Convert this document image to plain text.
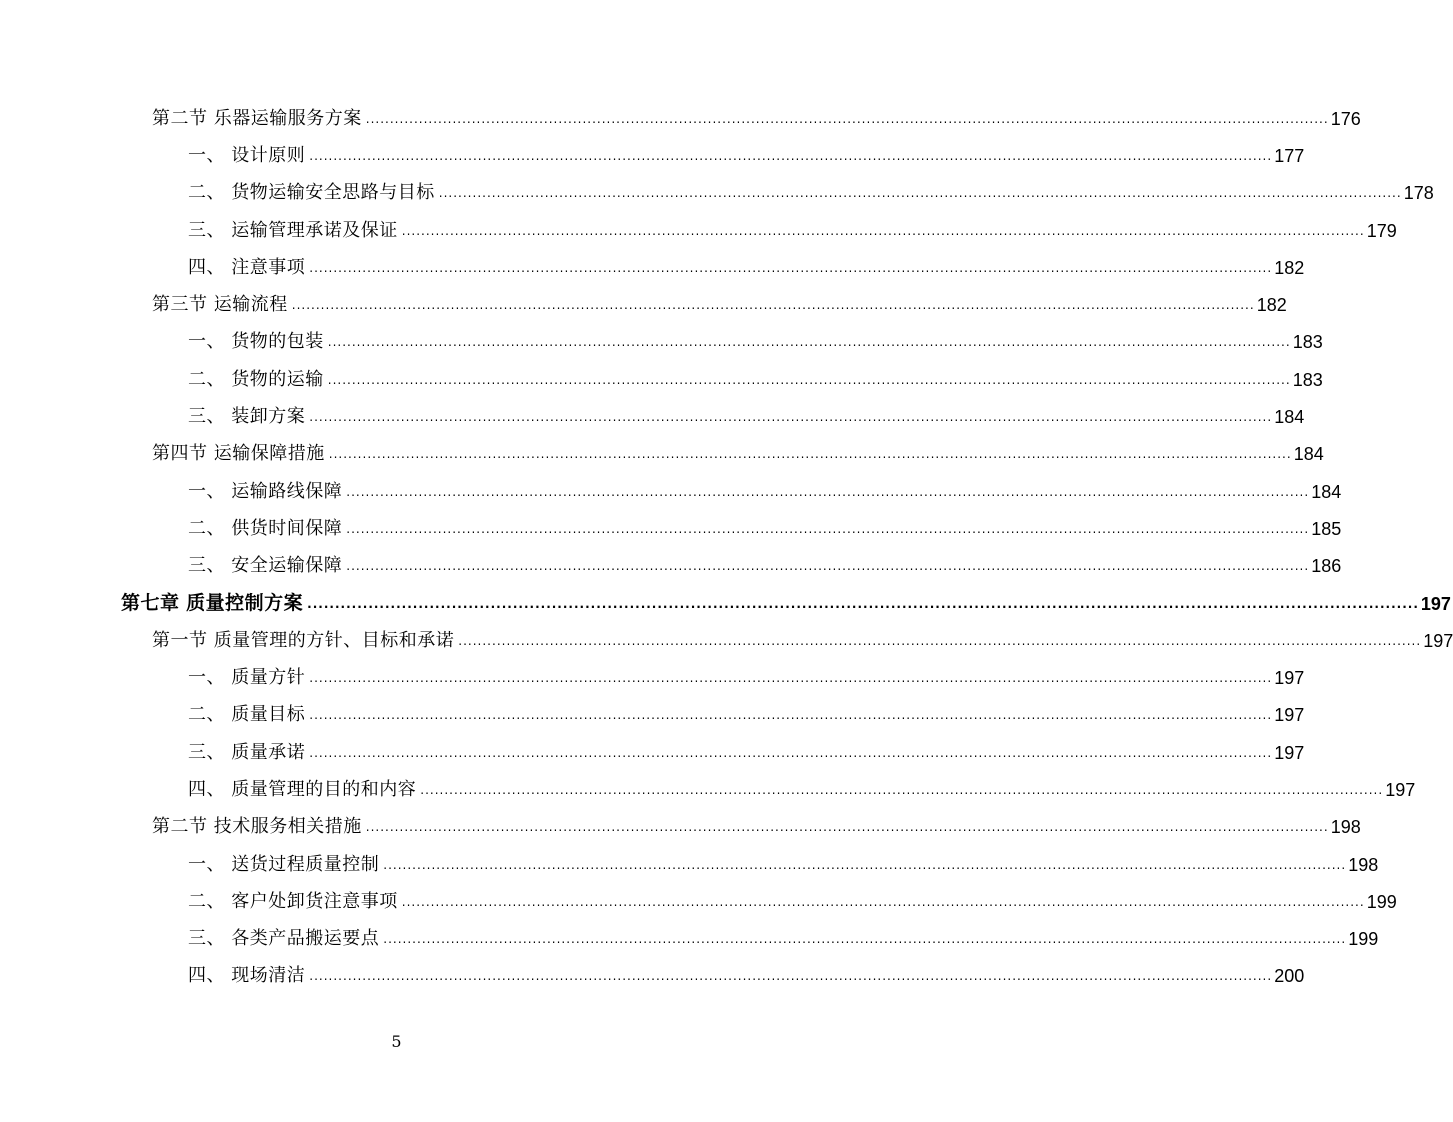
第二节 乐器运输服务方案 ........................................................................................................................................................................................................ 176
一、 设计原则 ........................................................................................................................................................................................................ 177
二、 货物运输安全思路与目标 ........................................................................................................................................................................................................ 178
三、 运输管理承诺及保证 ........................................................................................................................................................................................................ 179
四、 注意事项 ........................................................................................................................................................................................................ 182
第三节 运输流程 ........................................................................................................................................................................................................ 182
一、 货物的包装 ........................................................................................................................................................................................................ 183
二、 货物的运输 ........................................................................................................................................................................................................ 183
三、 装卸方案 ........................................................................................................................................................................................................ 184
第四节 运输保障措施 ........................................................................................................................................................................................................ 184
一、 运输路线保障 ........................................................................................................................................................................................................ 184
二、 供货时间保障 ........................................................................................................................................................................................................ 185
三、 安全运输保障 ........................................................................................................................................................................................................ 186
第七章 质量控制方案 ........................................................................................................................................................................................................ 197
第一节 质量管理的方针、目标和承诺 ........................................................................................................................................................................................................ 197
一、 质量方针 ........................................................................................................................................................................................................ 197
二、 质量目标 ........................................................................................................................................................................................................ 197
三、 质量承诺 ........................................................................................................................................................................................................ 197
四、 质量管理的目的和内容 ........................................................................................................................................................................................................ 197
第二节 技术服务相关措施 ........................................................................................................................................................................................................ 198
一、 送货过程质量控制 ........................................................................................................................................................................................................ 198
二、 客户处卸货注意事项 ........................................................................................................................................................................................................ 199
三、 各类产品搬运要点 ........................................................................................................................................................................................................ 199
四、 现场清洁 ........................................................................................................................................................................................................ 200
5
